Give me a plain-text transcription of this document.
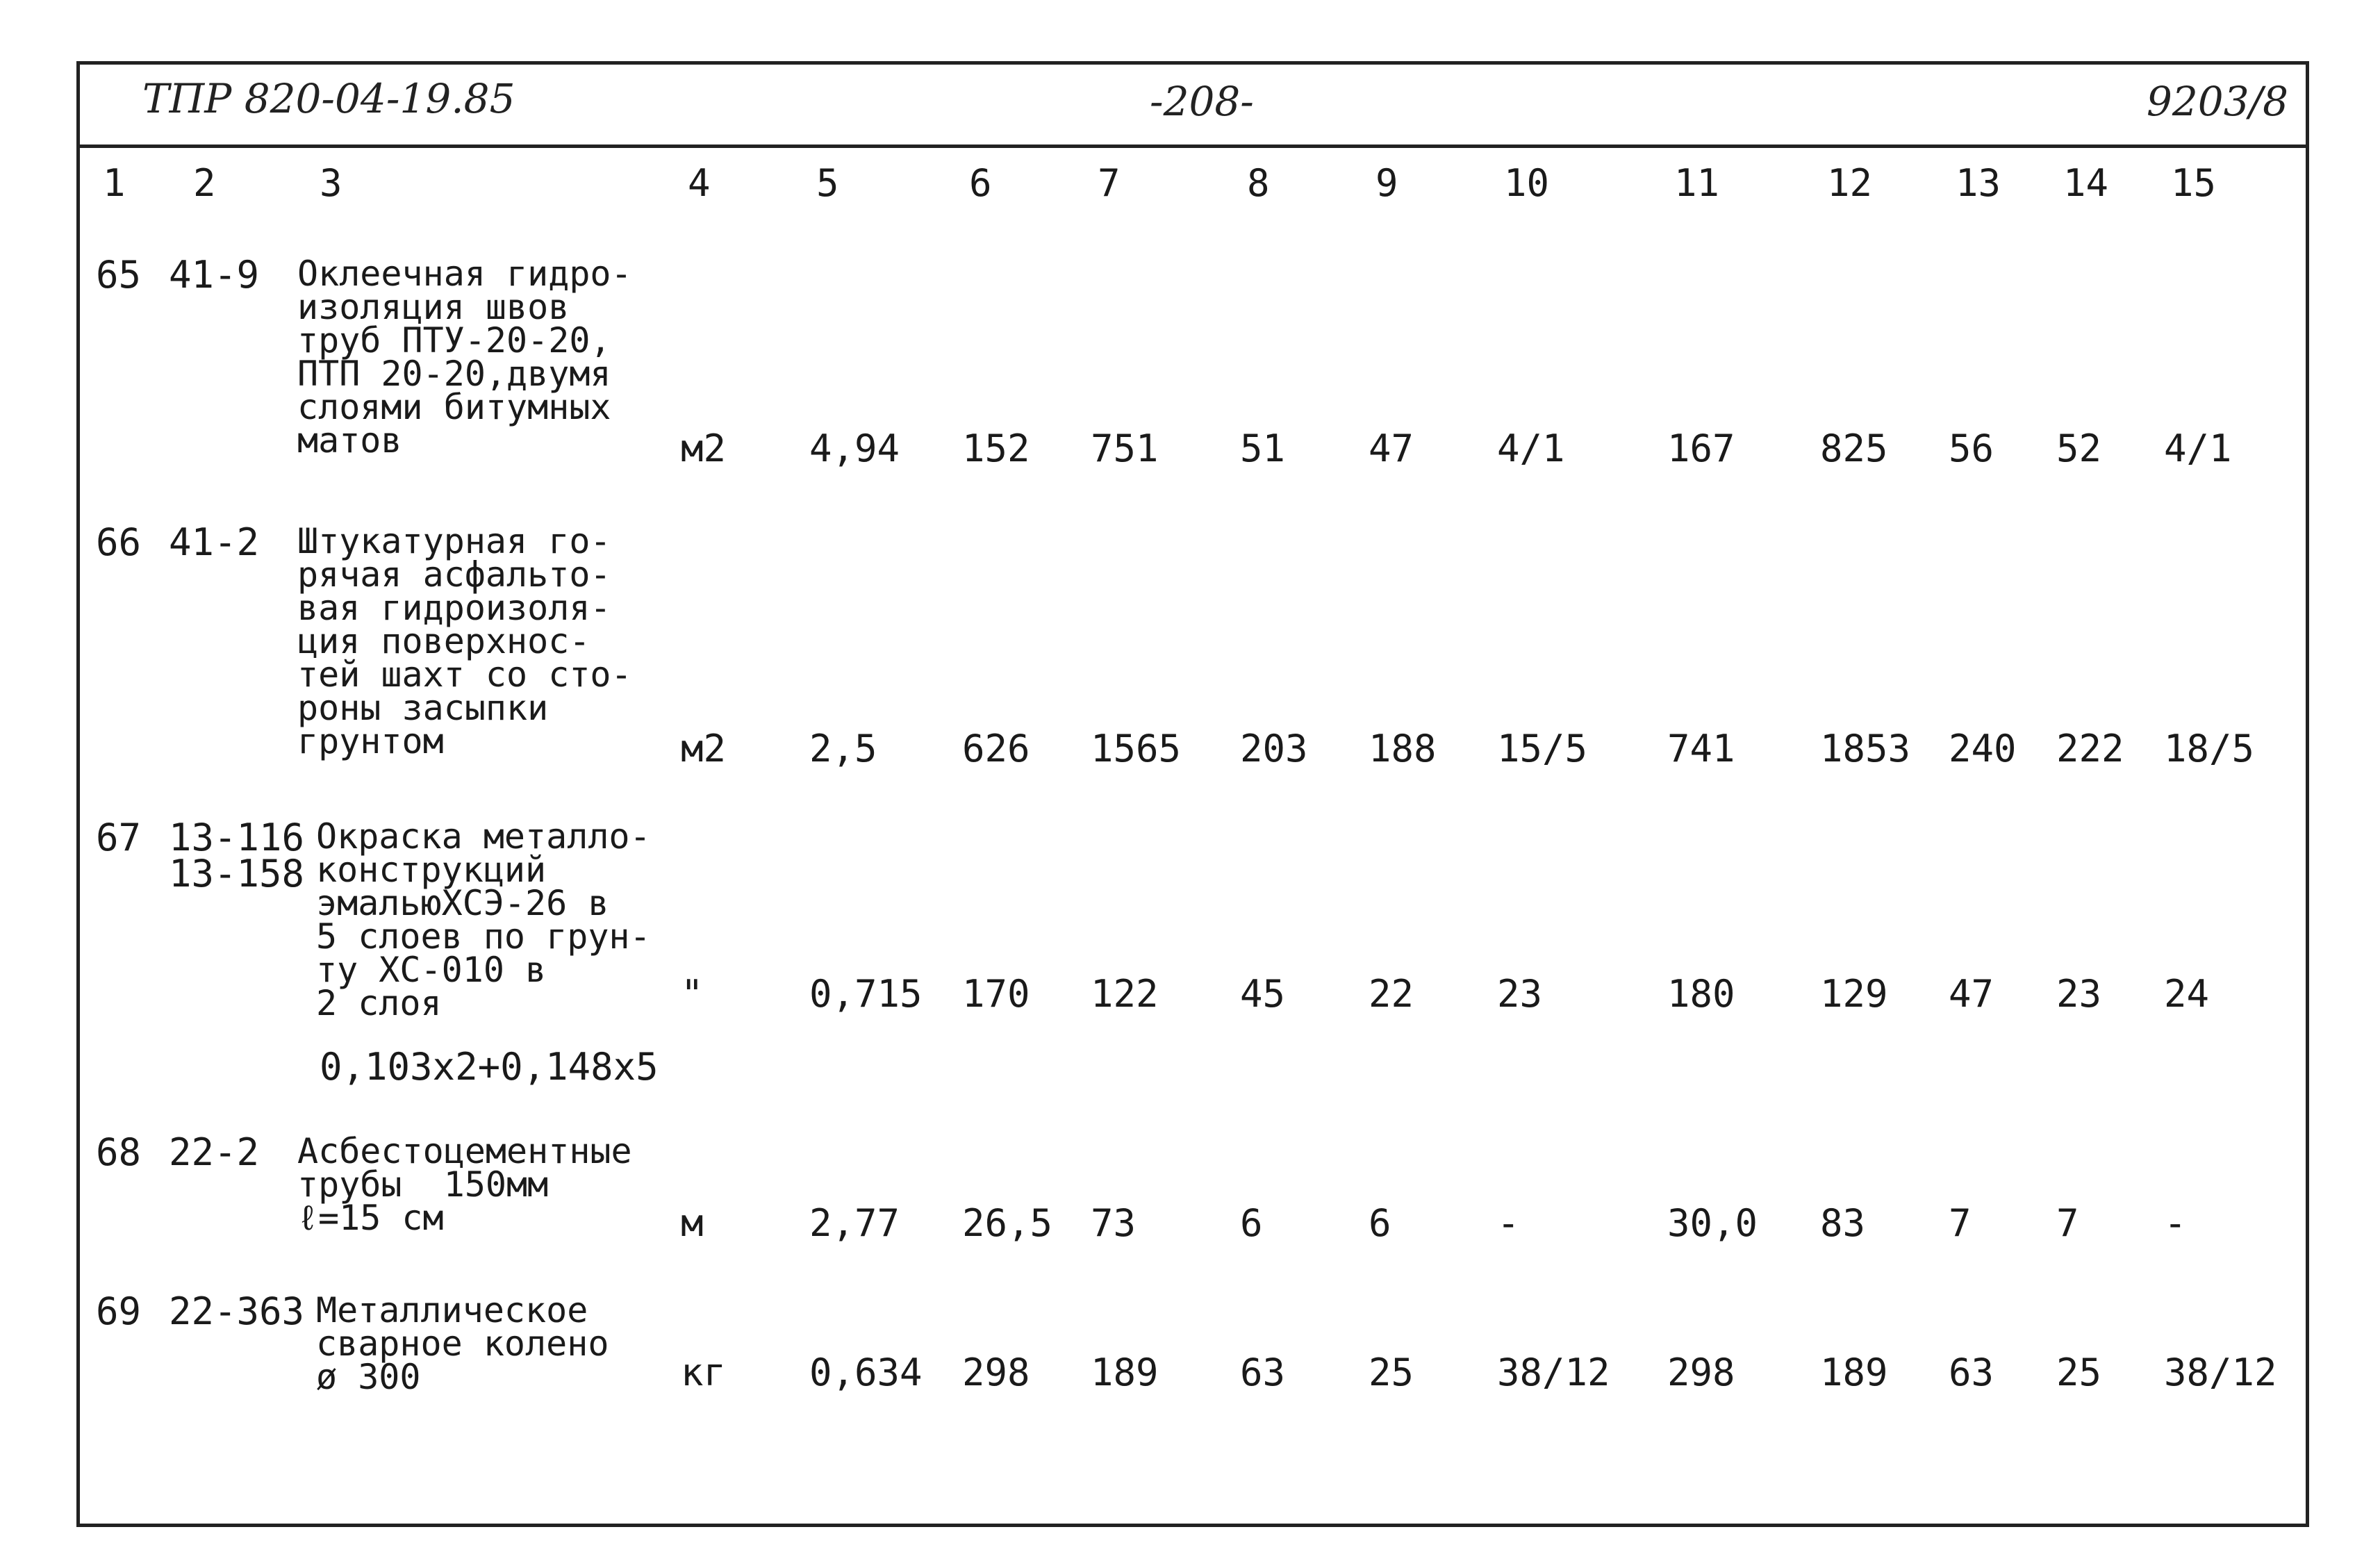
ТПР 820-04-19.85	-208-	9203/8
1 2	3	4	5	6	7	8	9	10	11	12 13 14 15
65 41-9 Оклеечная гидро-
изоляция швов
труб ПТУ-20-20,
ПТП 20-20,двумя
слоями битумных
матов	м2 4,94 152 751 51 47 4/1	167 825 56 52 4/1
66 41-2 Штукатурная го-
рячая асфальто-
вая гидроизоля-
ция поверхнос-
тей шахт со сто-
роны засыпки
грунтом	м2 2,5 626 1565 203 188 15/5 741 1853 240 222 18/5
67 13-116
13-158
Окраска металло-
конструкций
эмальюХСЭ-26 в
5 слоев по грун-
ту ХС-010 в
2 слоя
0,103х2+0,148х5
"	0,715 170 122 45 22 23	180 129 47 23 24
68 22-2 Асбестоцементные
трубы  150мм
ℓ=15 см	м	2,77 26,5 73	6	6	-	30,0 83 7 7 -
69 22-363 Металлическое
сварное колено
ø 300	кг 0,634 298 189 63 25 38/12 298 189 63 25 38/12
